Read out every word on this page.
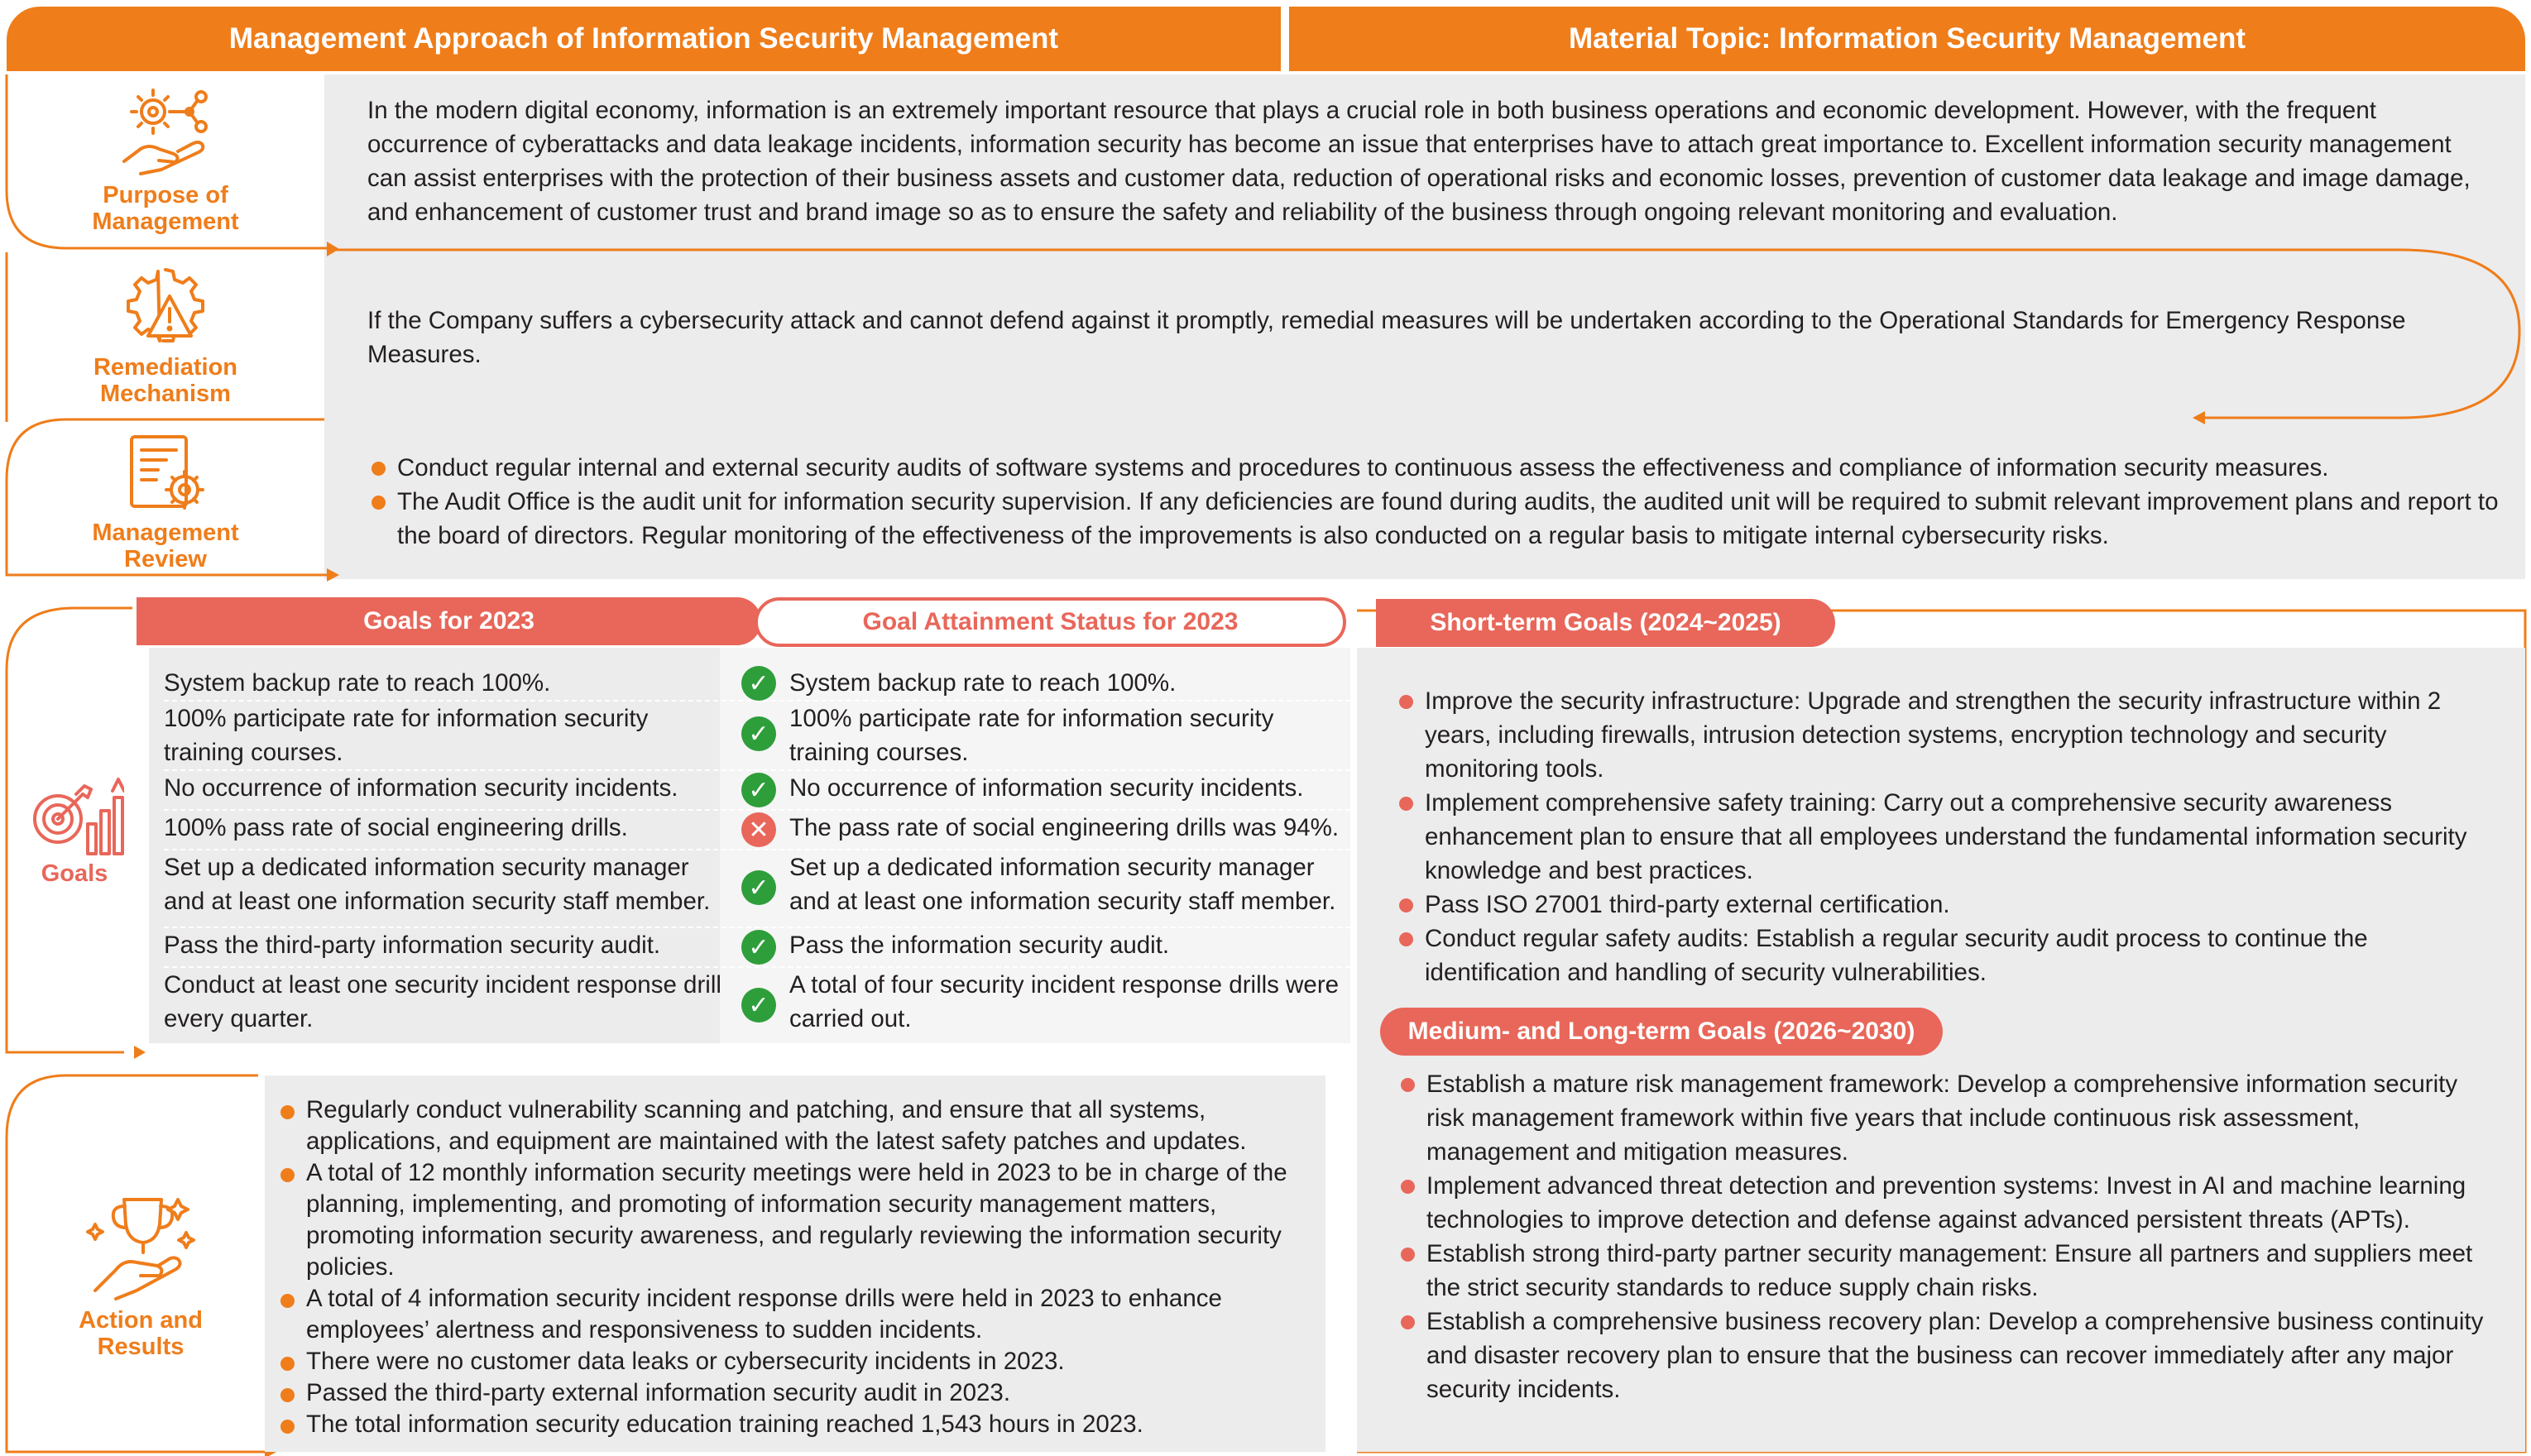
Management Approach of Information Security Management	Material Topic: Information Security Management
Purpose of
Management
In the modern digital economy, information is an extremely important resource that plays a crucial role in both business operations and economic development. However, with the frequent occurrence of cyberattacks and data leakage incidents, information security has become an issue that enterprises have to attach great importance to. Excellent information security management can assist enterprises with the protection of their business assets and customer data, reduction of operational risks and economic losses, prevention of customer data leakage and image damage, and enhancement of customer trust and brand image so as to ensure the safety and reliability of the business through ongoing relevant monitoring and evaluation.
Remediation
Mechanism
If the Company suffers a cybersecurity attack and cannot defend against it promptly, remedial measures will be undertaken according to the Operational Standards for Emergency Response Measures.
Management
Review
Conduct regular internal and external security audits of software systems and procedures to continuous assess the effectiveness and compliance of information security measures.
The Audit Office is the audit unit for information security supervision. If any deficiencies are found during audits, the audited unit will be required to submit relevant improvement plans and report to the board of directors. Regular monitoring of the effectiveness of the improvements is also conducted on a regular basis to mitigate internal cybersecurity risks.
Goals
Goals for 2023	Goal Attainment Status for 2023
System backup rate to reach 100%.
100% participate rate for information security training courses.
No occurrence of information security incidents.
100% pass rate of social engineering drills.
Set up a dedicated information security manager and at least one information security staff member.
Pass the third-party information security audit.
Conduct at least one security incident response drill every quarter.
✓ System backup rate to reach 100%.
✓
100% participate rate for information security training courses.
✓ No occurrence of information security incidents.
✕ The pass rate of social engineering drills was 94%.
✓
Set up a dedicated information security manager and at least one information security staff member.
✓ Pass the information security audit.
✓
A total of four security incident response drills were carried out.
Short-term Goals (2024~2025)
Improve the security infrastructure: Upgrade and strengthen the security infrastructure within 2 years, including firewalls, intrusion detection systems, encryption technology and security monitoring tools.
Implement comprehensive safety training: Carry out a comprehensive security awareness enhancement plan to ensure that all employees understand the fundamental information security knowledge and best practices.
Pass ISO 27001 third-party external certification.
Conduct regular safety audits: Establish a regular security audit process to continue the identification and handling of security vulnerabilities.
Medium- and Long-term Goals (2026~2030)
Establish a mature risk management framework: Develop a comprehensive information security risk management framework within five years that include continuous risk assessment, management and mitigation measures.
Implement advanced threat detection and prevention systems: Invest in AI and machine learning technologies to improve detection and defense against advanced persistent threats (APTs).
Establish strong third-party partner security management: Ensure all partners and suppliers meet the strict security standards to reduce supply chain risks.
Establish a comprehensive business recovery plan: Develop a comprehensive business continuity and disaster recovery plan to ensure that the business can recover immediately after any major security incidents.
Action and
Results
Regularly conduct vulnerability scanning and patching, and ensure that all systems, applications, and equipment are maintained with the latest safety patches and updates.
A total of 12 monthly information security meetings were held in 2023 to be in charge of the planning, implementing, and promoting of information security management matters, promoting information security awareness, and regularly reviewing the information security policies.
A total of 4 information security incident response drills were held in 2023 to enhance employees’ alertness and responsiveness to sudden incidents.
There were no customer data leaks or cybersecurity incidents in 2023.
Passed the third-party external information security audit in 2023.
The total information security education training reached 1,543 hours in 2023.
